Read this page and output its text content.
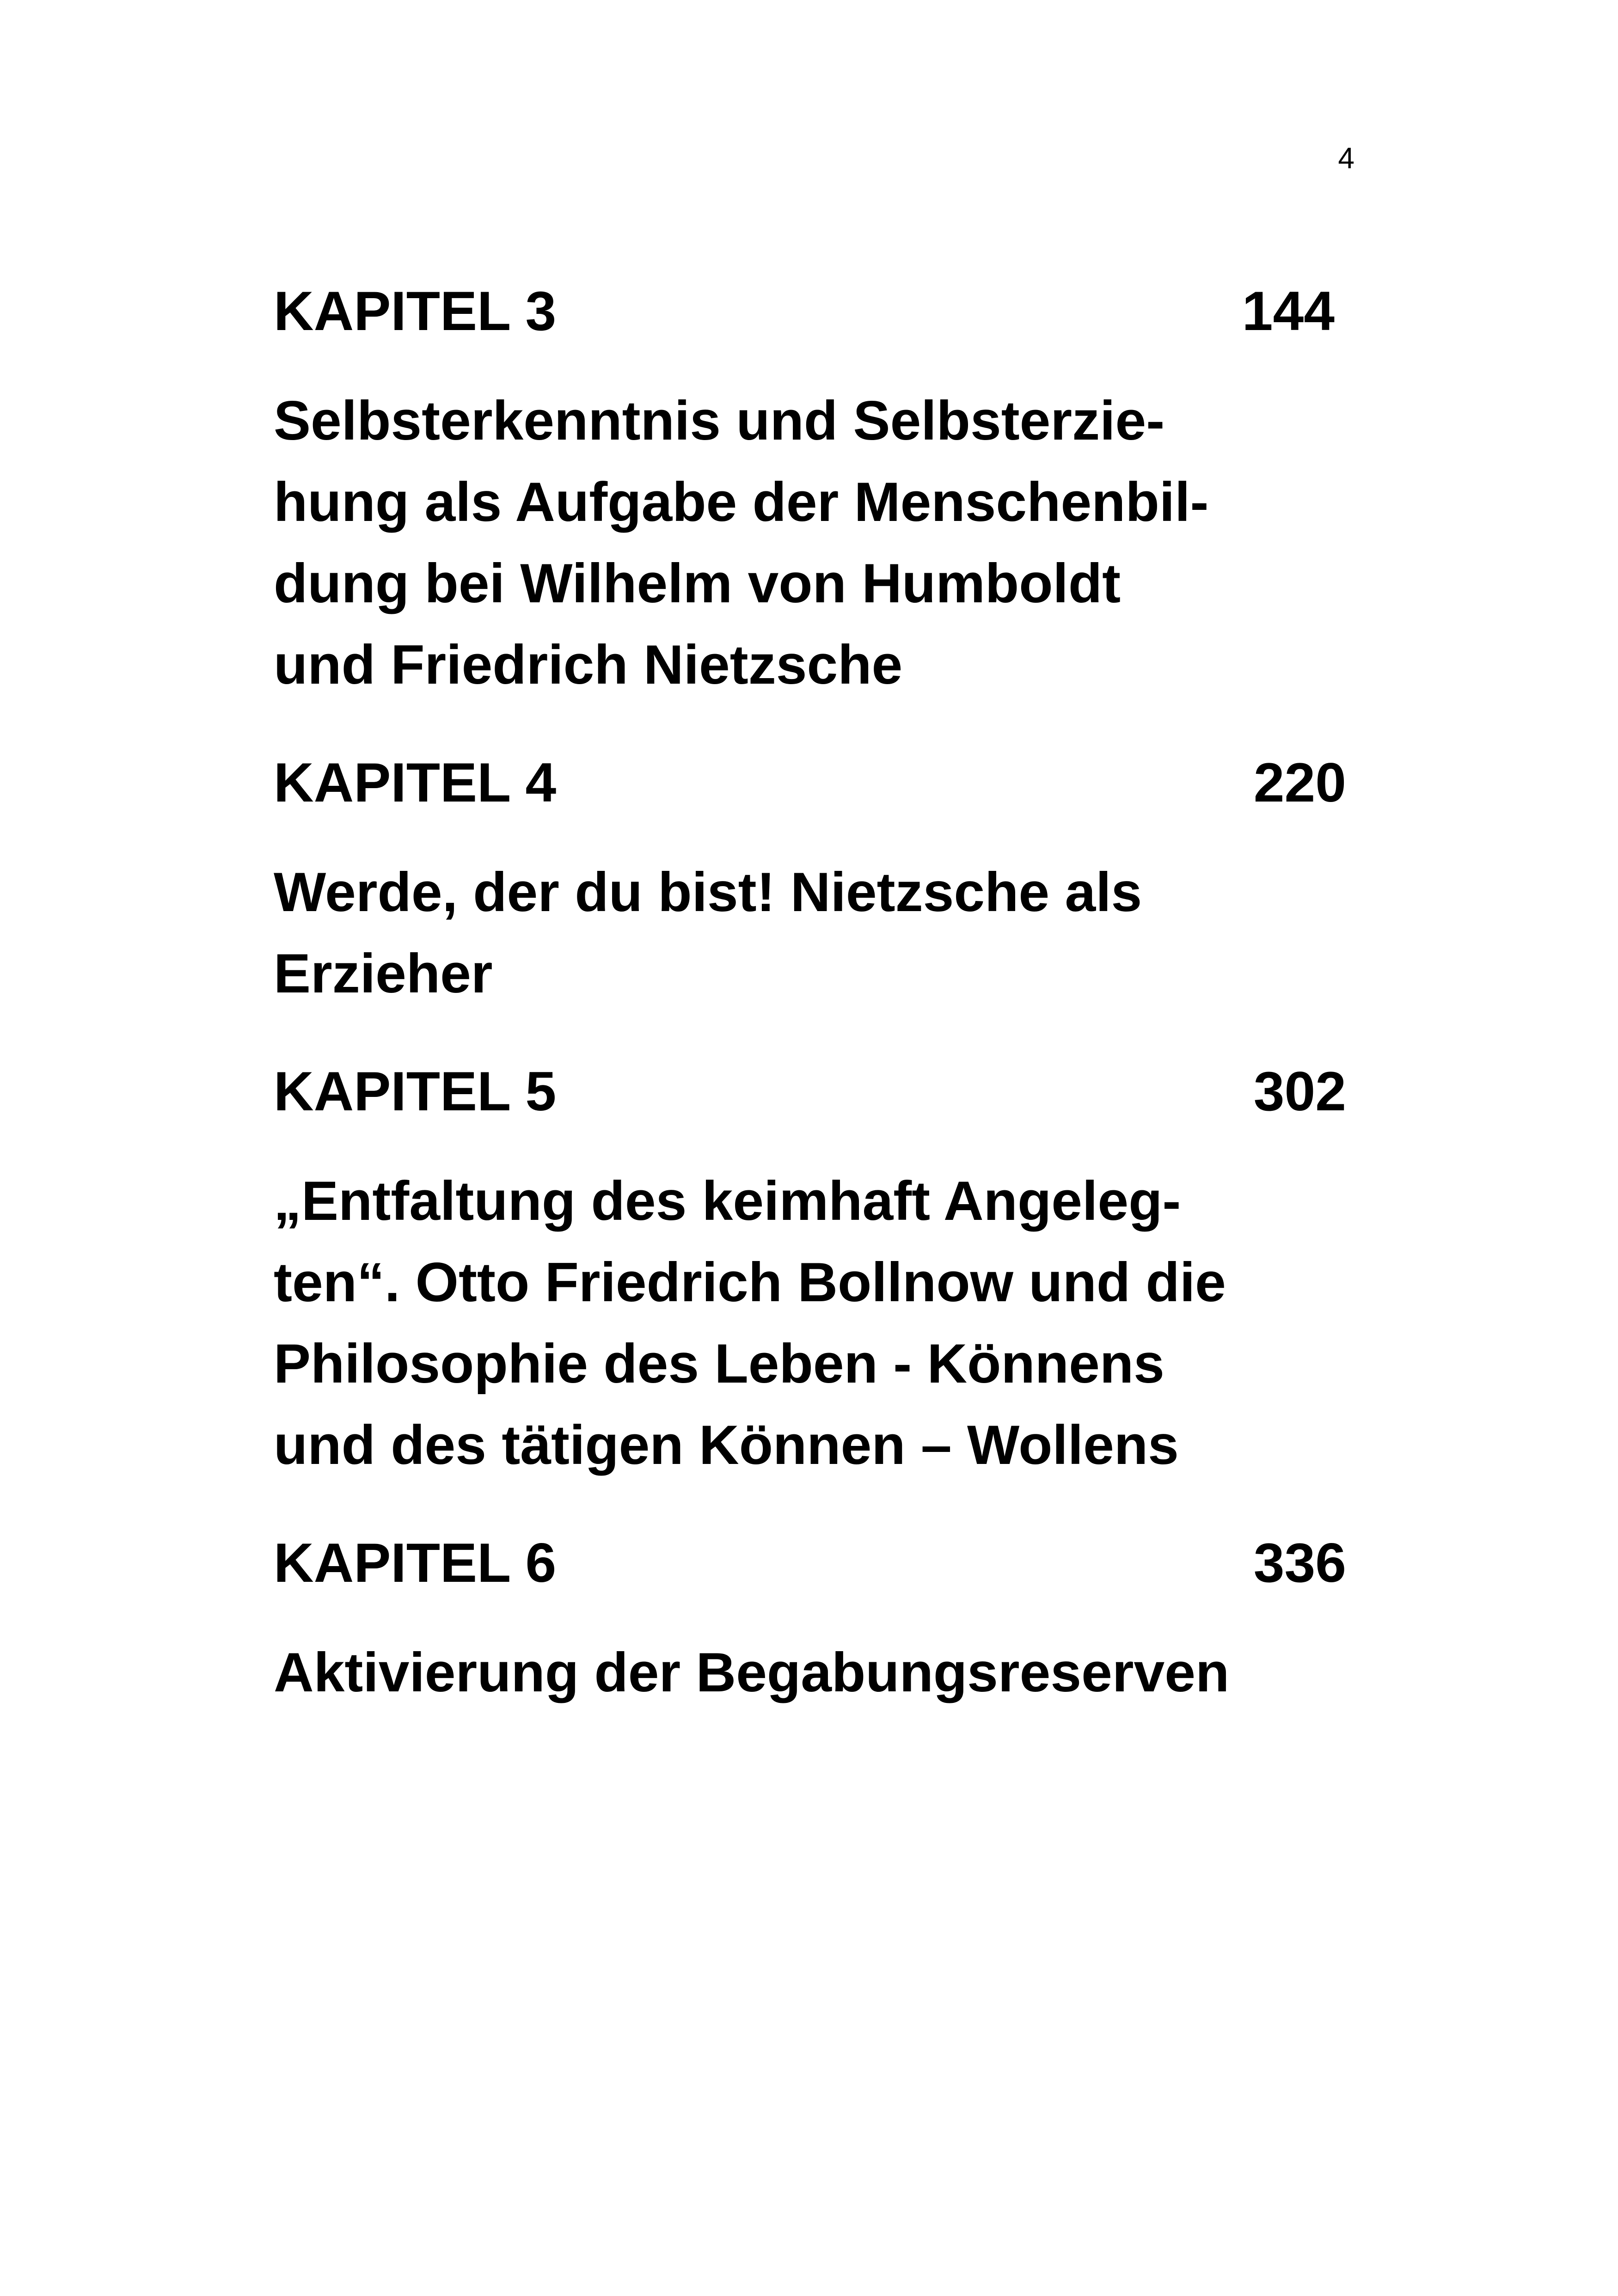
4
KAPITEL 3	144
Selbsterkenntnis und Selbsterzie-
hung als Aufgabe der Menschenbil-
dung bei Wilhelm von Humboldt
und Friedrich Nietzsche
KAPITEL 4	220
Werde, der du bist! Nietzsche als
Erzieher
KAPITEL 5	302
„Entfaltung des keimhaft Angeleg-
ten“. Otto Friedrich Bollnow und die
Philosophie des Leben - Könnens
und des tätigen Können – Wollens
KAPITEL 6	336
Aktivierung der Begabungsreserven
